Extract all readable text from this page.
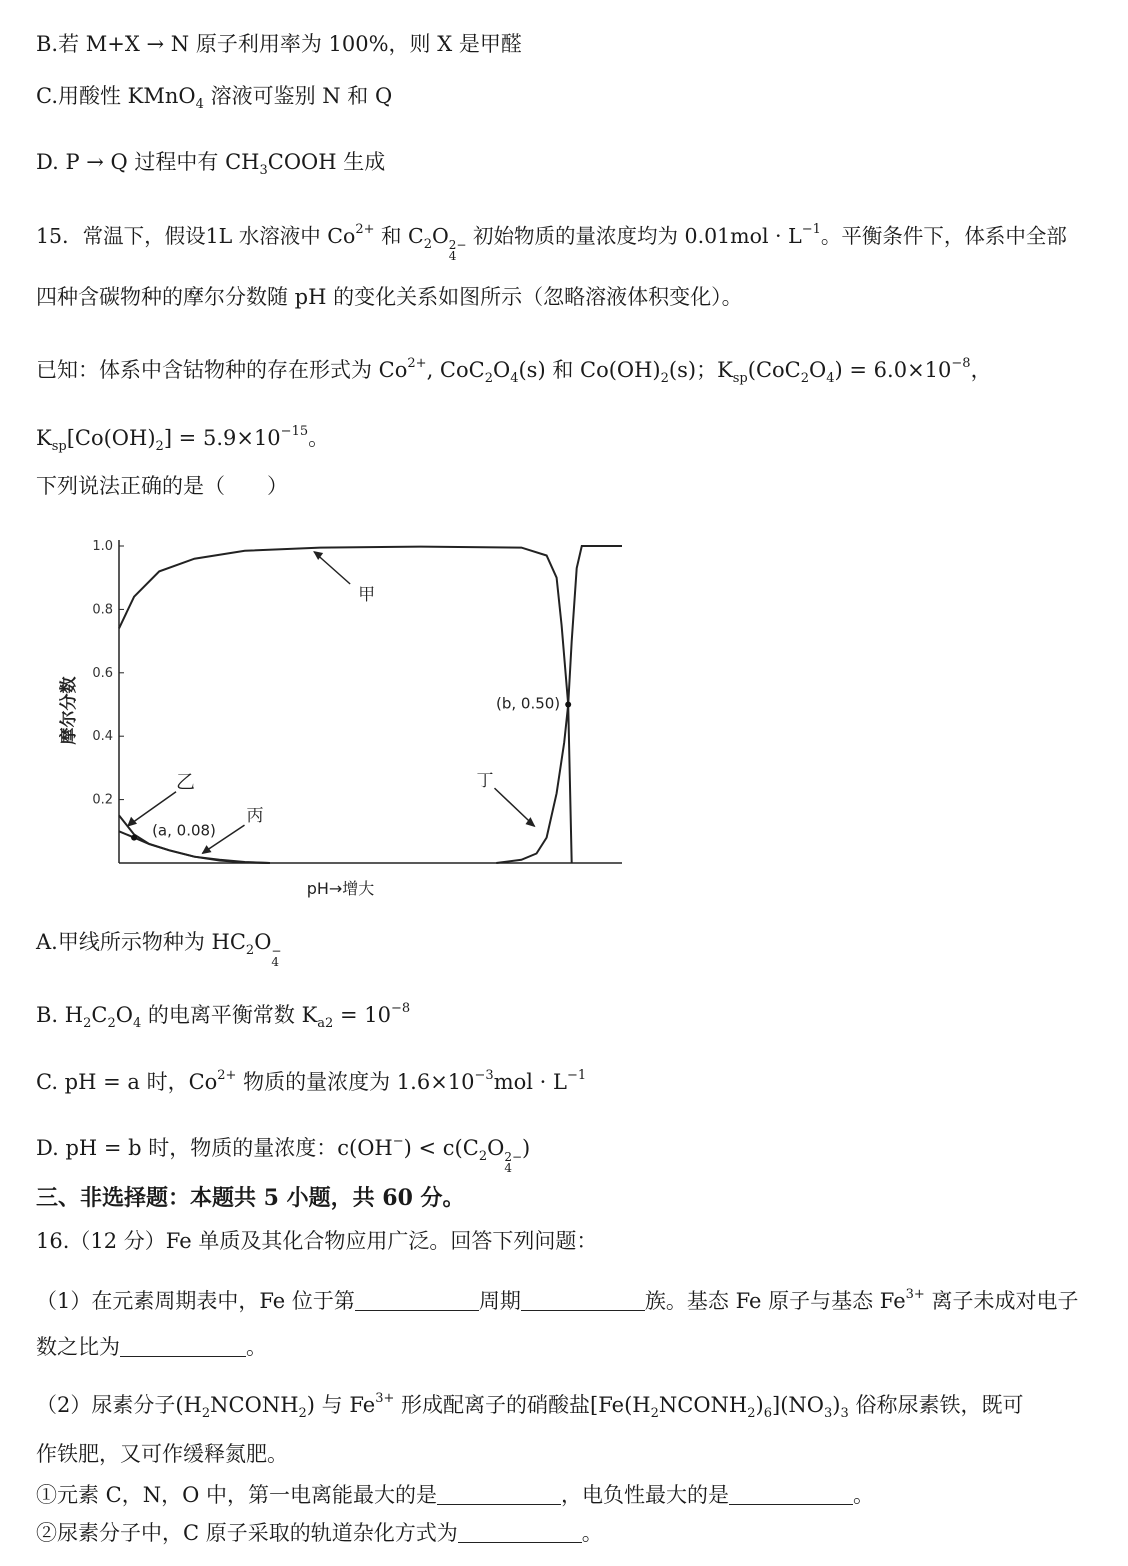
B.若 M+X → N 原子利用率为 100%，则 X 是甲醛
C.用酸性 KMnO$_4$ 溶液可鉴别 N 和 Q
D. P → Q 过程中有 $CH_3COOH$ 生成
15．常温下，假设1L 水溶液中 $Co^{2+}$ 和 $C_2O$ 2−
4
初始物质的量浓度均为 $0.01mol \cdot L^{-1}$。平衡条件下，体系中全部
四种含碳物种的摩尔分数随 pH 的变化关系如图所示（忽略溶液体积变化）。
已知：体系中含钴物种的存在形式为 $Co^{2+}$, $CoC_2O_4(s)$ 和 $Co(OH)_2(s)$；$K_{sp}(CoC_2O_4) = 6.0\times 10^{-8}$，
$K_{sp}[Co(OH)_2] = 5.9\times 10^{-15}$。
下列说法正确的是（　　）
1.0
0.8
0.6
0.4
0.2
摩尔分数
pH→增大
(a, 0.08)
(b, 0.50)
甲
乙
丙
丁
A.甲线所示物种为 $HC_2O$ −
4
B. $H_2C_2O_4$ 的电离平衡常数 $K_{a2} = 10^{-8}$
C. pH = a 时，$Co^{2+}$ 物质的量浓度为 $1.6\times 10^{-3}mol \cdot L^{-1}$
D. pH = b 时，物质的量浓度：$c(OH^-) < c(C_2O$ 2−
4
)
三、非选择题：本题共 5 小题，共 60 分。
16.（12 分）Fe 单质及其化合物应用广泛。回答下列问题：
（1）在元素周期表中，Fe 位于第	周期	族。基态 Fe 原子与基态 $Fe^{3+}$ 离子未成对电子
数之比为	。
（2）尿素分子$(H_2NCONH_2)$ 与 $Fe^{3+}$ 形成配离子的硝酸盐$[Fe(H_2NCONH_2)_6](NO_3)_3$ 俗称尿素铁，既可
作铁肥，又可作缓释氮肥。
①元素 C，N，O 中，第一电离能最大的是	，电负性最大的是	。
②尿素分子中，C 原子采取的轨道杂化方式为	。
